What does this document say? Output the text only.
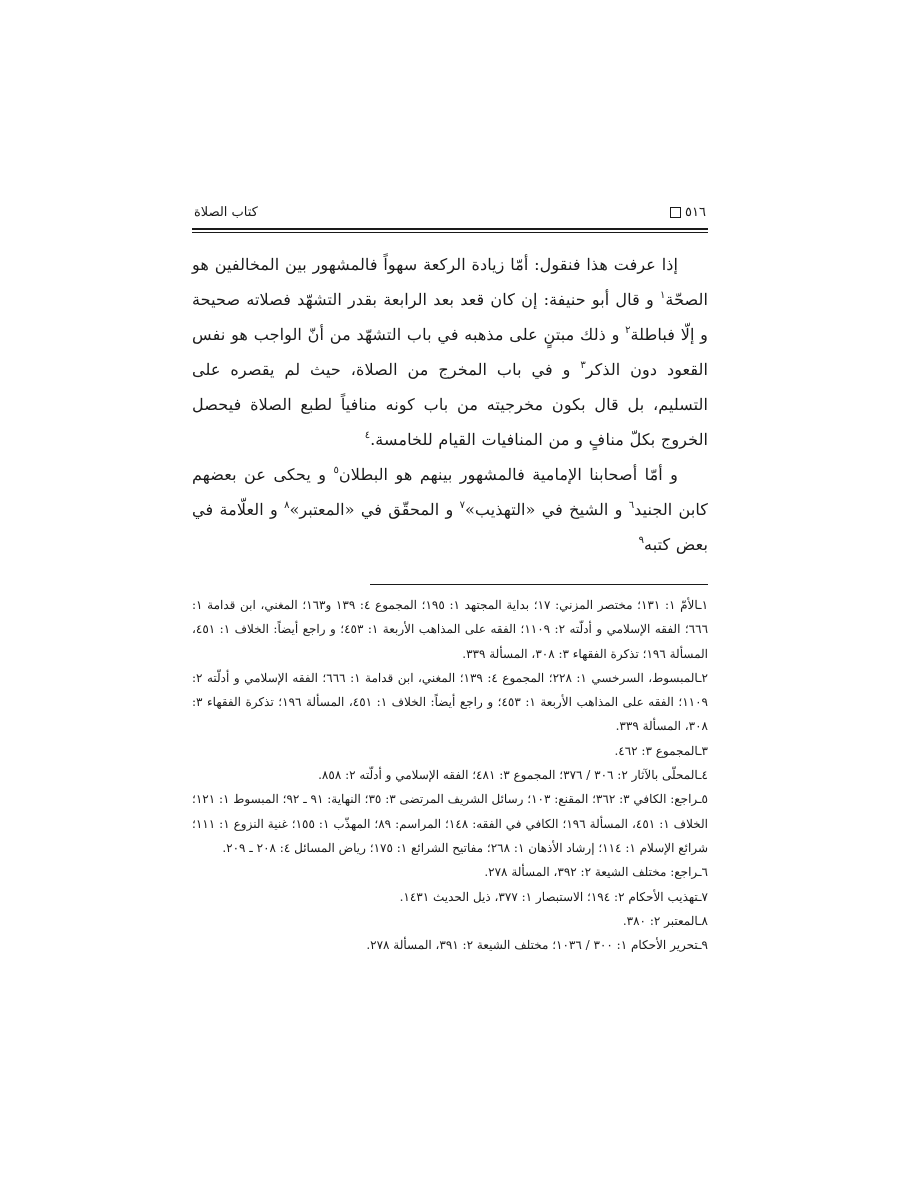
٥١٦
كتاب الصلاة

إذا عرفت هذا فنقول: أمّا زيادة الركعة سهواً فالمشهور بين المخالفين هو الصحّة$^١$ و قال أبو حنيفة: إن كان قعد بعد الرابعة بقدر التشهّد فصلاته صحيحة و إلّا فباطلة$^٢$ و ذلك مبتنٍ على مذهبه في باب التشهّد من أنّ الواجب هو نفس القعود دون الذكر$^٣$ و في باب المخرج من الصلاة، حيث لم يقصره على التسليم، بل قال بكون مخرجيته من باب كونه منافياً لطبع الصلاة فيحصل الخروج بكلّ منافٍ و من المنافيات القيام للخامسة.$^٤$

و أمّا أصحابنا الإمامية فالمشهور بينهم هو البطلان$^٥$ و يحكى عن بعضهم كابن الجنيد$^٦$ و الشيخ في «التهذيب»$^٧$ و المحقّق في «المعتبر»$^٨$ و العلّامة في بعض كتبه$^٩$

١ـالأمّ ١: ١٣١؛ مختصر المزني: ١٧؛ بداية المجتهد ١: ١٩٥؛ المجموع ٤: ١٣٩ و١٦٣؛ المغني، ابن قدامة ١: ٦٦٦؛ الفقه الإسلامي و أدلّته ٢: ١١٠٩؛ الفقه على المذاهب الأربعة ١: ٤٥٣؛ و راجع أيضاً: الخلاف ١: ٤٥١، المسألة ١٩٦؛ تذكرة الفقهاء ٣: ٣٠٨، المسألة ٣٣٩.

٢ـالمبسوط، السرخسي ١: ٢٢٨؛ المجموع ٤: ١٣٩؛ المغني، ابن قدامة ١: ٦٦٦؛ الفقه الإسلامي و أدلّته ٢: ١١٠٩؛ الفقه على المذاهب الأربعة ١: ٤٥٣؛ و راجع أيضاً: الخلاف ١: ٤٥١، المسألة ١٩٦؛ تذكرة الفقهاء ٣: ٣٠٨، المسألة ٣٣٩.

٣ـالمجموع ٣: ٤٦٢.

٤ـالمحلّى بالآثار ٢: ٣٠٦ / ٣٧٦؛ المجموع ٣: ٤٨١؛ الفقه الإسلامي و أدلّته ٢: ٨٥٨.

٥ـراجع: الكافي ٣: ٣٦٢؛ المقنع: ١٠٣؛ رسائل الشريف المرتضى ٣: ٣٥؛ النهاية: ٩١ ـ ٩٢؛ المبسوط ١: ١٢١؛ الخلاف ١: ٤٥١، المسألة ١٩٦؛ الكافي في الفقه: ١٤٨؛ المراسم: ٨٩؛ المهذّب ١: ١٥٥؛ غنية النزوع ١: ١١١؛ شرائع الإسلام ١: ١١٤؛ إرشاد الأذهان ١: ٢٦٨؛ مفاتيح الشرائع ١: ١٧٥؛ رياض المسائل ٤: ٢٠٨ ـ ٢٠٩.

٦ـراجع: مختلف الشيعة ٢: ٣٩٢، المسألة ٢٧٨.

٧ـتهذيب الأحكام ٢: ١٩٤؛ الاستبصار ١: ٣٧٧، ذيل الحديث ١٤٣١.

٨ـالمعتبر ٢: ٣٨٠.

٩ـتحرير الأحكام ١: ٣٠٠ / ١٠٣٦؛ مختلف الشيعة ٢: ٣٩١، المسألة ٢٧٨.
